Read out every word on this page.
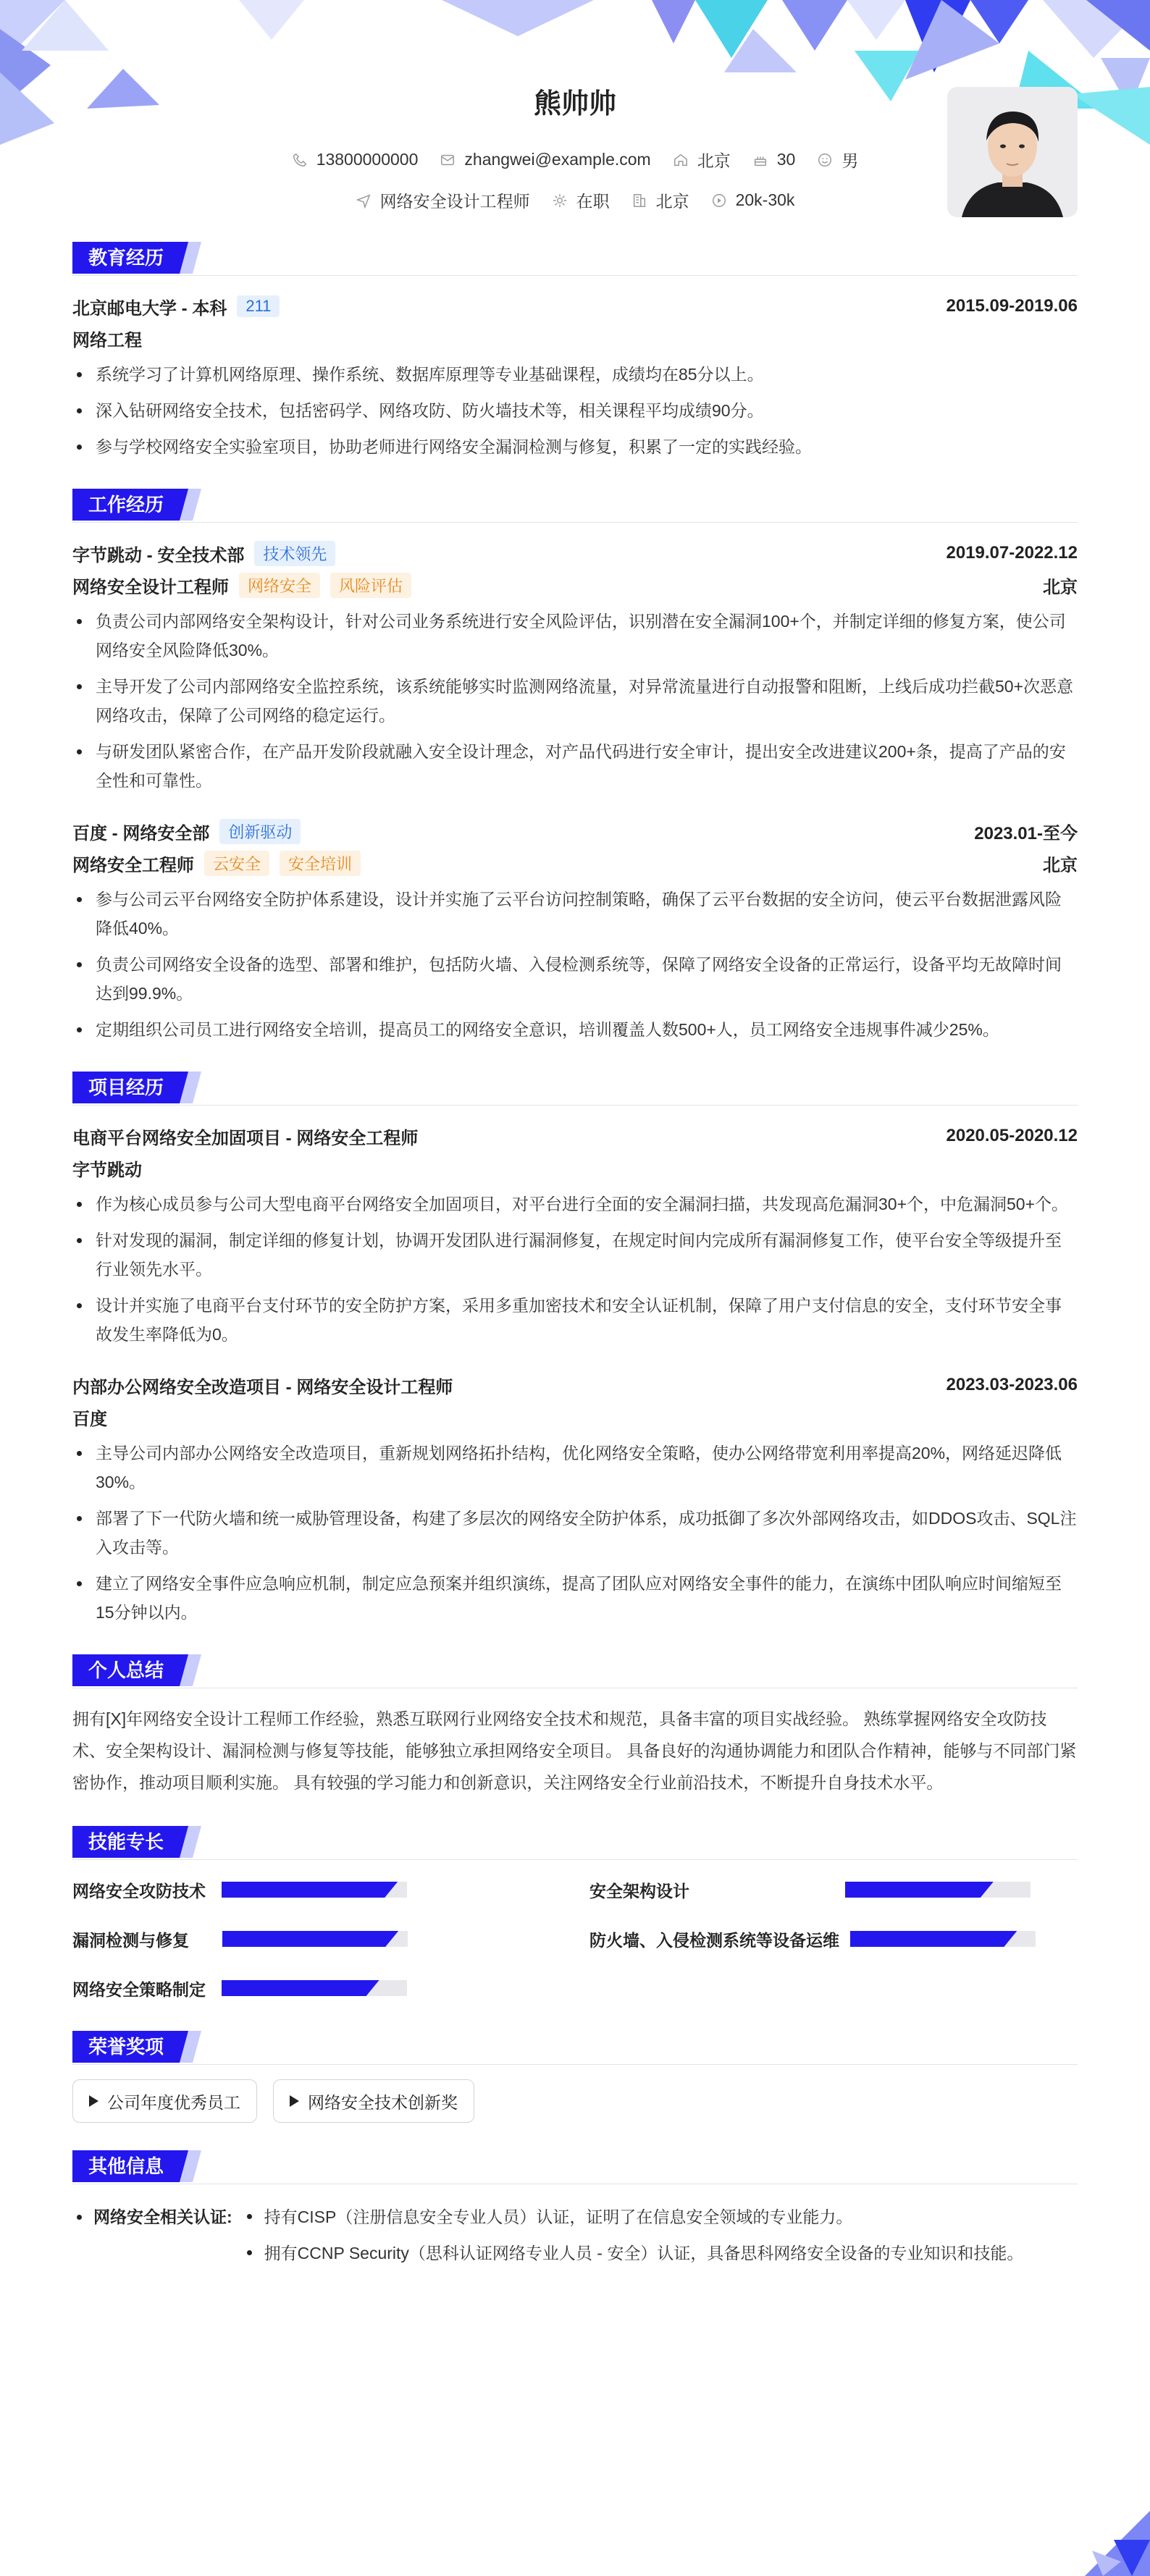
熊帅帅
13800000000	zhangwei@example.com	北京	30	男
网络安全设计工程师	在职	北京	20k-30k
教育经历
北京邮电大学 - 本科	211	2015.09-2019.06
网络工程
系统学习了计算机网络原理、操作系统、数据库原理等专业基础课程，成绩均在85分以上。
深入钻研网络安全技术，包括密码学、网络攻防、防火墙技术等，相关课程平均成绩90分。
参与学校网络安全实验室项目，协助老师进行网络安全漏洞检测与修复，积累了一定的实践经验。
工作经历
字节跳动 - 安全技术部	技术领先	2019.07-2022.12
网络安全设计工程师	网络安全	风险评估	北京
负责公司内部网络安全架构设计，针对公司业务系统进行安全风险评估，识别潜在安全漏洞100+个，并制定详细的修复方案，使公司网络安全风险降低30%。
主导开发了公司内部网络安全监控系统，该系统能够实时监测网络流量，对异常流量进行自动报警和阻断，上线后成功拦截50+次恶意网络攻击，保障了公司网络的稳定运行。
与研发团队紧密合作，在产品开发阶段就融入安全设计理念，对产品代码进行安全审计，提出安全改进建议200+条，提高了产品的安全性和可靠性。
百度 - 网络安全部	创新驱动	2023.01-至今
网络安全工程师	云安全	安全培训	北京
参与公司云平台网络安全防护体系建设，设计并实施了云平台访问控制策略，确保了云平台数据的安全访问，使云平台数据泄露风险降低40%。
负责公司网络安全设备的选型、部署和维护，包括防火墙、入侵检测系统等，保障了网络安全设备的正常运行，设备平均无故障时间达到99.9%。
定期组织公司员工进行网络安全培训，提高员工的网络安全意识，培训覆盖人数500+人，员工网络安全违规事件减少25%。
项目经历
电商平台网络安全加固项目 - 网络安全工程师	2020.05-2020.12
字节跳动
作为核心成员参与公司大型电商平台网络安全加固项目，对平台进行全面的安全漏洞扫描，共发现高危漏洞30+个，中危漏洞50+个。
针对发现的漏洞，制定详细的修复计划，协调开发团队进行漏洞修复，在规定时间内完成所有漏洞修复工作，使平台安全等级提升至行业领先水平。
设计并实施了电商平台支付环节的安全防护方案，采用多重加密技术和安全认证机制，保障了用户支付信息的安全，支付环节安全事故发生率降低为0。
内部办公网络安全改造项目 - 网络安全设计工程师	2023.03-2023.06
百度
主导公司内部办公网络安全改造项目，重新规划网络拓扑结构，优化网络安全策略，使办公网络带宽利用率提高20%，网络延迟降低30%。
部署了下一代防火墙和统一威胁管理设备，构建了多层次的网络安全防护体系，成功抵御了多次外部网络攻击，如DDOS攻击、SQL注入攻击等。
建立了网络安全事件应急响应机制，制定应急预案并组织演练，提高了团队应对网络安全事件的能力，在演练中团队响应时间缩短至15分钟以内。
个人总结

拥有[X]年网络安全设计工程师工作经验，熟悉互联网行业网络安全技术和规范，具备丰富的项目实战经验。 熟练掌握网络安全攻防技术、安全架构设计、漏洞检测与修复等技能，能够独立承担网络安全项目。 具备良好的沟通协调能力和团队合作精神，能够与不同部门紧密协作，推动项目顺利实施。 具有较强的学习能力和创新意识，关注网络安全行业前沿技术，不断提升自身技术水平。

技能专长
网络安全攻防技术	安全架构设计
漏洞检测与修复	防火墙、入侵检测系统等设备运维
网络安全策略制定
荣誉奖项
公司年度优秀员工	网络安全技术创新奖
其他信息
网络安全相关认证:	持有CISP（注册信息安全专业人员）认证，证明了在信息安全领域的专业能力。
拥有CCNP Security（思科认证网络专业人员 - 安全）认证，具备思科网络安全设备的专业知识和技能。
